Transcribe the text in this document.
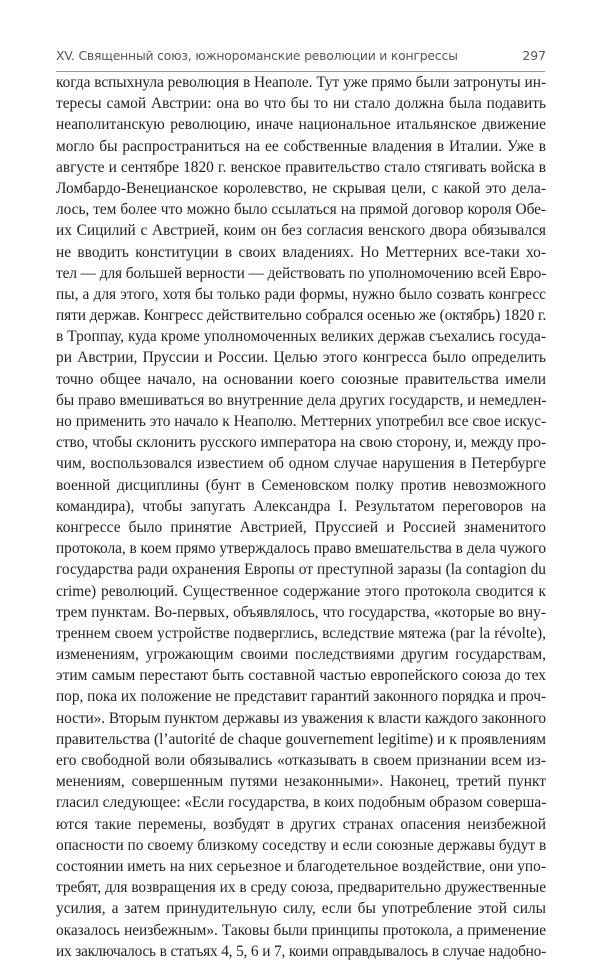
XV. Священный союз, южнороманские революции и конгрессы	297
когда вспыхнула революция в Неаполе. Тут уже прямо были затронуты ин-
тересы самой Австрии: она во что бы то ни стало должна была подавить
неаполитанскую революцию, иначе национальное итальянское движение
могло бы распространиться на ее собственные владения в Италии. Уже в
августе и сентябре 1820 г. венское правительство стало стягивать войска в
Ломбардо-Венецианское королевство, не скрывая цели, с какой это дела-
лось, тем более что можно было ссылаться на прямой договор короля Обе-
их Сицилий с Австрией, коим он без согласия венского двора обязывался
не вводить конституции в своих владениях. Но Меттерних все-таки хо-
тел — для большей верности — действовать по уполномочению всей Евро-
пы, а для этого, хотя бы только ради формы, нужно было созвать конгресс
пяти держав. Конгресс действительно собрался осенью же (октябрь) 1820 г.
в Троппау, куда кроме уполномоченных великих держав съехались госуда-
ри Австрии, Пруссии и России. Целью этого конгресса было определить
точно общее начало, на основании коего союзные правительства имели
бы право вмешиваться во внутренние дела других государств, и немедлен-
но применить это начало к Неаполю. Меттерних употребил все свое искус-
ство, чтобы склонить русского императора на свою сторону, и, между про-
чим, воспользовался известием об одном случае нарушения в Петербурге
военной дисциплины (бунт в Семеновском полку против невозможного
командира), чтобы запугать Александра I. Результатом переговоров на
конгрессе было принятие Австрией, Пруссией и Россией знаменитого
протокола, в коем прямо утверждалось право вмешательства в дела чужого
государства ради охранения Европы от преступной заразы (la contagion du
crime) революций. Существенное содержание этого протокола сводится к
трем пунктам. Во-первых, объявлялось, что государства, «которые во вну-
треннем своем устройстве подверглись, вследствие мятежа (par la révolte),
изменениям, угрожающим своими последствиями другим государствам,
этим самым перестают быть составной частью европейского союза до тех
пор, пока их положение не представит гарантий законного порядка и проч-
ности». Вторым пунктом державы из уважения к власти каждого законного
правительства (l’autorité de chaque gouvernement legitime) и к проявлениям
его свободной воли обязывались «отказывать в своем признании всем из-
менениям, совершенным путями незаконными». Наконец, третий пункт
гласил следующее: «Если государства, в коих подобным образом соверша-
ются такие перемены, возбудят в других странах опасения неизбежной
опасности по своему близкому соседству и если союзные державы будут в
состоянии иметь на них серьезное и благодетельное воздействие, они упо-
требят, для возвращения их в среду союза, предварительно дружественные
усилия, а затем принудительную силу, если бы употребление этой силы
оказалось неизбежным». Таковы были принципы протокола, а применение
их заключалось в статьях 4, 5, 6 и 7, коими оправдывалось в случае надобно-
